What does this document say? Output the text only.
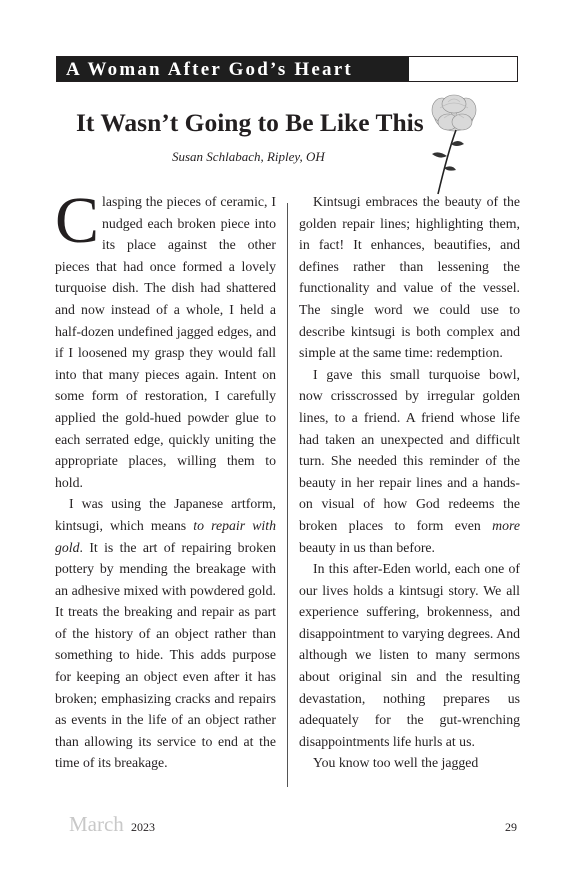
A Woman After God’s Heart
It Wasn’t Going to Be Like This
Susan Schlabach, Ripley, OH

C lasping the pieces of ceramic, I nudged each broken piece into its place against the other pieces that had once formed a lovely turquoise dish. The dish had shattered and now instead of a whole, I held a half-dozen undefined jagged edges, and if I loosened my grasp they would fall into that many pieces again. Intent on some form of restoration, I carefully applied the gold-hued powder glue to each serrated edge, quickly uniting the appropriate places, willing them to hold.

I was using the Japanese artform, kintsugi, which means to repair with gold. It is the art of repairing broken pottery by mending the breakage with an adhesive mixed with powdered gold. It treats the breaking and repair as part of the history of an object rather than something to hide. This adds purpose for keeping an object even after it has broken; emphasizing cracks and repairs as events in the life of an object rather than allowing its service to end at the time of its breakage.

Kintsugi embraces the beauty of the golden repair lines; highlighting them, in fact! It enhances, beautifies, and defines rather than lessening the functionality and value of the vessel. The single word we could use to describe kintsugi is both complex and simple at the same time: redemption.

I gave this small turquoise bowl, now crisscrossed by irregular golden lines, to a friend. A friend whose life had taken an unexpected and difficult turn. She needed this reminder of the beauty in her repair lines and a hands-on visual of how God redeems the broken places to form even more beauty in us than before.

In this after-Eden world, each one of our lives holds a kintsugi story. We all experience suffering, brokenness, and disappointment to varying degrees. And although we listen to many sermons about original sin and the resulting devastation, nothing prepares us adequately for the gut-wrenching disappointments life hurls at us.

You know too well the jagged

March 2023	29
